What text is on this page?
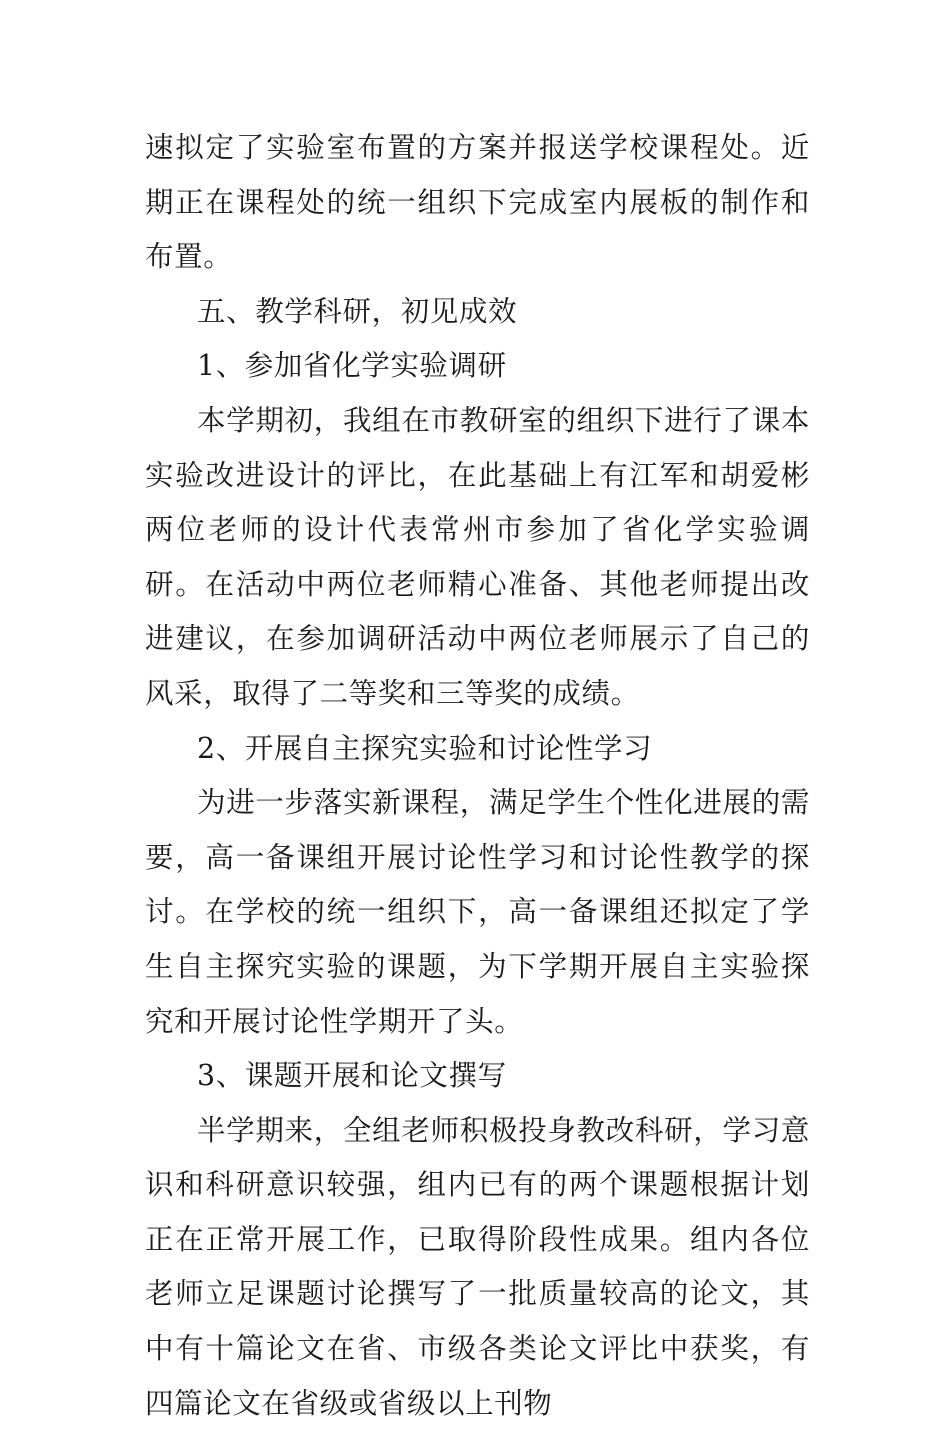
速拟定了实验室布置的方案并报送学校课程处。近期正在课程处的统一组织下完成室内展板的制作和布置。

五、教学科研，初见成效

1、参加省化学实验调研

本学期初，我组在市教研室的组织下进行了课本实验改进设计的评比，在此基础上有江军和胡爱彬两位老师的设计代表常州市参加了省化学实验调研。在活动中两位老师精心准备、其他老师提出改进建议，在参加调研活动中两位老师展示了自己的风采，取得了二等奖和三等奖的成绩。

2、开展自主探究实验和讨论性学习

为进一步落实新课程，满足学生个性化进展的需要，高一备课组开展讨论性学习和讨论性教学的探讨。在学校的统一组织下，高一备课组还拟定了学生自主探究实验的课题，为下学期开展自主实验探究和开展讨论性学期开了头。

3、课题开展和论文撰写

半学期来，全组老师积极投身教改科研，学习意识和科研意识较强，组内已有的两个课题根据计划正在正常开展工作，已取得阶段性成果。组内各位老师立足课题讨论撰写了一批质量较高的论文，其中有十篇论文在省、市级各类论文评比中获奖，有四篇论文在省级或省级以上刊物
